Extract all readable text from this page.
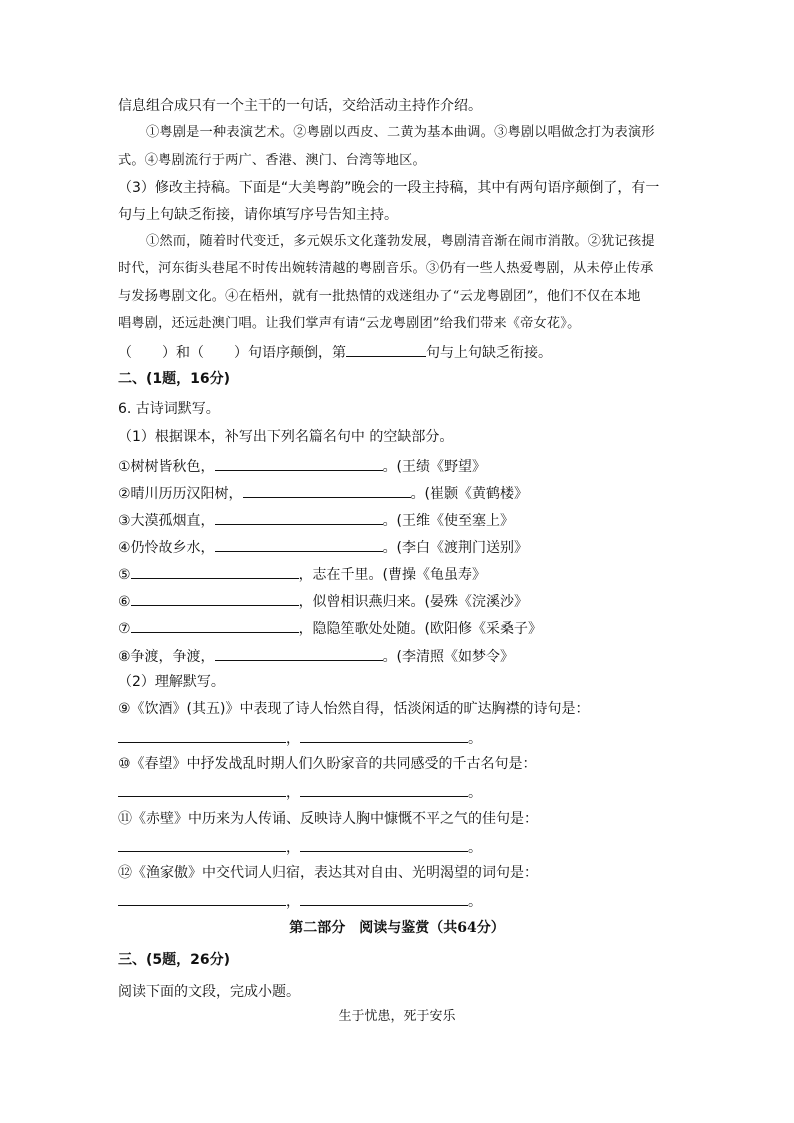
信息组合成只有一个主干的一句话，交给活动主持作介绍。
①粤剧是一种表演艺术。②粤剧以西皮、二黄为基本曲调。③粤剧以唱做念打为表演形
式。④粤剧流行于两广、香港、澳门、台湾等地区。
（3）修改主持稿。下面是“大美粤韵”晚会的一段主持稿，其中有两句语序颠倒了，有一
句与上句缺乏衔接，请你填写序号告知主持。
①然而，随着时代变迁，多元娱乐文化蓬勃发展，粤剧清音渐在闹市消散。②犹记孩提
时代，河东街头巷尾不时传出婉转清越的粤剧音乐。③仍有一些人热爱粤剧，从未停止传承
与发扬粤剧文化。④在梧州，就有一批热情的戏迷组办了“云龙粤剧团”，他们不仅在本地
唱粤剧，还远赴澳门唱。让我们掌声有请“云龙粤剧团”给我们带来《帝女花》。
（ ）和（ ）句语序颠倒，第	句与上句缺乏衔接。
二、(1题，16分)
6. 古诗词默写。
（1）根据课本，补写出下列名篇名句中 的空缺部分。
①树树皆秋色，	。(王绩《野望》
②晴川历历汉阳树，	。(崔颢《黄鹤楼》
③大漠孤烟直，	。(王维《使至塞上》
④仍怜故乡水，	。(李白《渡荆门送别》
⑤	，志在千里。(曹操《龟虽寿》
⑥	，似曾相识燕归来。(晏殊《浣溪沙》
⑦	，隐隐笙歌处处随。(欧阳修《采桑子》
⑧争渡，争渡，	。(李清照《如梦令》
（2）理解默写。
⑨《饮酒》(其五)》中表现了诗人怡然自得，恬淡闲适的旷达胸襟的诗句是：
，	。
⑩《春望》中抒发战乱时期人们久盼家音的共同感受的千古名句是：
，	。
⑪《赤壁》中历来为人传诵、反映诗人胸中慷慨不平之气的佳句是：
，	。
⑫《渔家傲》中交代词人归宿，表达其对自由、光明渴望的词句是：
，	。
第二部分　阅读与鉴赏（共64分）
三、(5题，26分)
阅读下面的文段，完成小题。
生于忧患，死于安乐
